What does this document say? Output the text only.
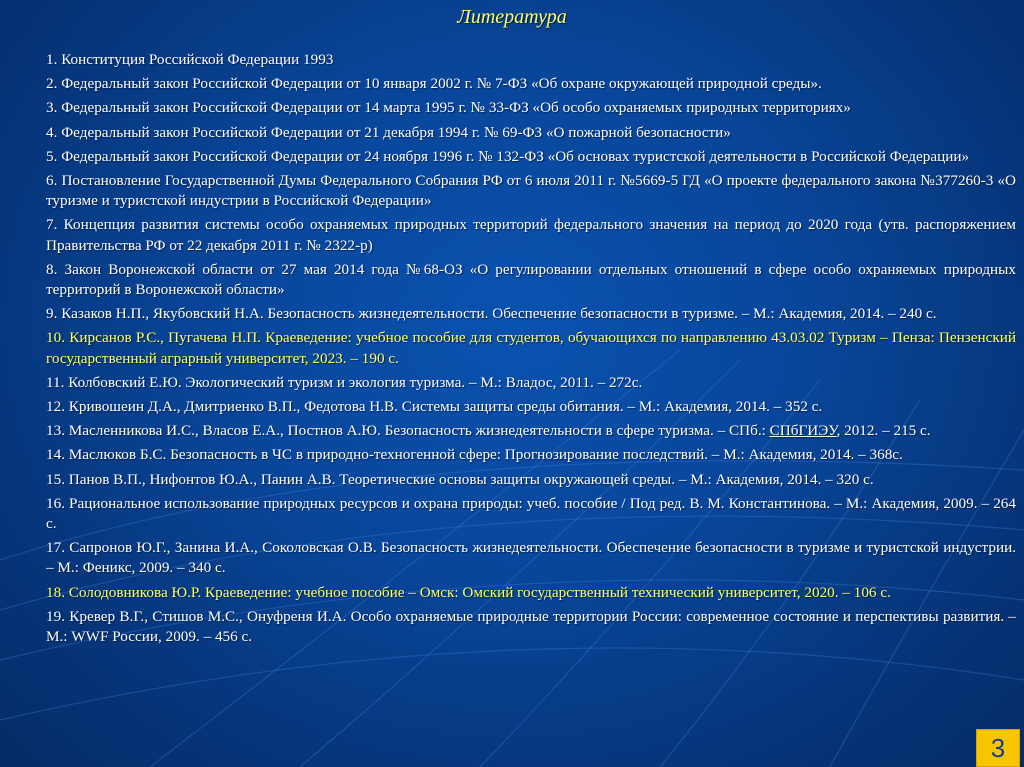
Литература

1. Конституция Российской Федерации 1993

2. Федеральный закон Российской Федерации от 10 января 2002 г. № 7-ФЗ «Об охране окружающей природной среды».

3. Федеральный закон Российской Федерации от 14 марта 1995 г. № 33-ФЗ «Об особо охраняемых природных территориях»

4. Федеральный закон Российской Федерации от 21 декабря 1994 г. № 69-ФЗ «О пожарной безопасности»

5. Федеральный закон Российской Федерации от 24 ноября 1996 г. № 132-ФЗ «Об основах туристской деятельности в Российской Федерации»

6. Постановление Государственной Думы Федерального Собрания РФ от 6 июля 2011 г. №5669-5 ГД «О проекте федерального закона №377260-3 «О туризме и туристской индустрии в Российской Федерации»

7. Концепция развития системы особо охраняемых природных территорий федерального значения на период до 2020 года (утв. распоряжением Правительства РФ от 22 декабря 2011 г. № 2322-р)

8. Закон Воронежской области от 27 мая 2014 года №68-ОЗ «О регулировании отдельных отношений в сфере особо охраняемых природных территорий в Воронежской области»

9. Казаков Н.П., Якубовский Н.А. Безопасность жизнедеятельности. Обеспечение безопасности в туризме. – М.: Академия, 2014. – 240 с.

10. Кирсанов Р.С., Пугачева Н.П. Краеведение: учебное пособие для студентов, обучающихся по направлению 43.03.02 Туризм – Пенза: Пензенский государственный аграрный университет, 2023. – 190 с.

11. Колбовский Е.Ю. Экологический туризм и экология туризма. – М.: Владос, 2011. – 272с.

12. Кривошеин Д.А., Дмитриенко В.П., Федотова Н.В. Системы защиты среды обитания. – М.: Академия, 2014. – 352 с.

13. Масленникова И.С., Власов Е.А., Постнов А.Ю. Безопасность жизнедеятельности в сфере туризма. – СПб.: СПбГИЭУ, 2012. – 215 с.

14. Маслюков Б.С. Безопасность в ЧС в природно-техногенной сфере: Прогнозирование последствий. – М.: Академия, 2014. – 368с.

15. Панов В.П., Нифонтов Ю.А., Панин А.В. Теоретические основы защиты окружающей среды. – М.: Академия, 2014. – 320 с.

16. Рациональное использование природных ресурсов и охрана природы: учеб. пособие / Под ред. В. М. Константинова. – М.: Академия, 2009. – 264 с.

17. Сапронов Ю.Г., Занина И.А., Соколовская О.В. Безопасность жизнедеятельности. Обеспечение безопасности в туризме и туристской индустрии. – М.: Феникс, 2009. – 340 с.

18. Солодовникова Ю.Р. Краеведение: учебное пособие – Омск: Омский государственный технический университет, 2020. – 106 с.

19. Кревер В.Г., Стишов М.С., Онуфреня И.А. Особо охраняемые природные территории России: современное состояние и перспективы развития. – М.: WWF России, 2009. – 456 с.

3
